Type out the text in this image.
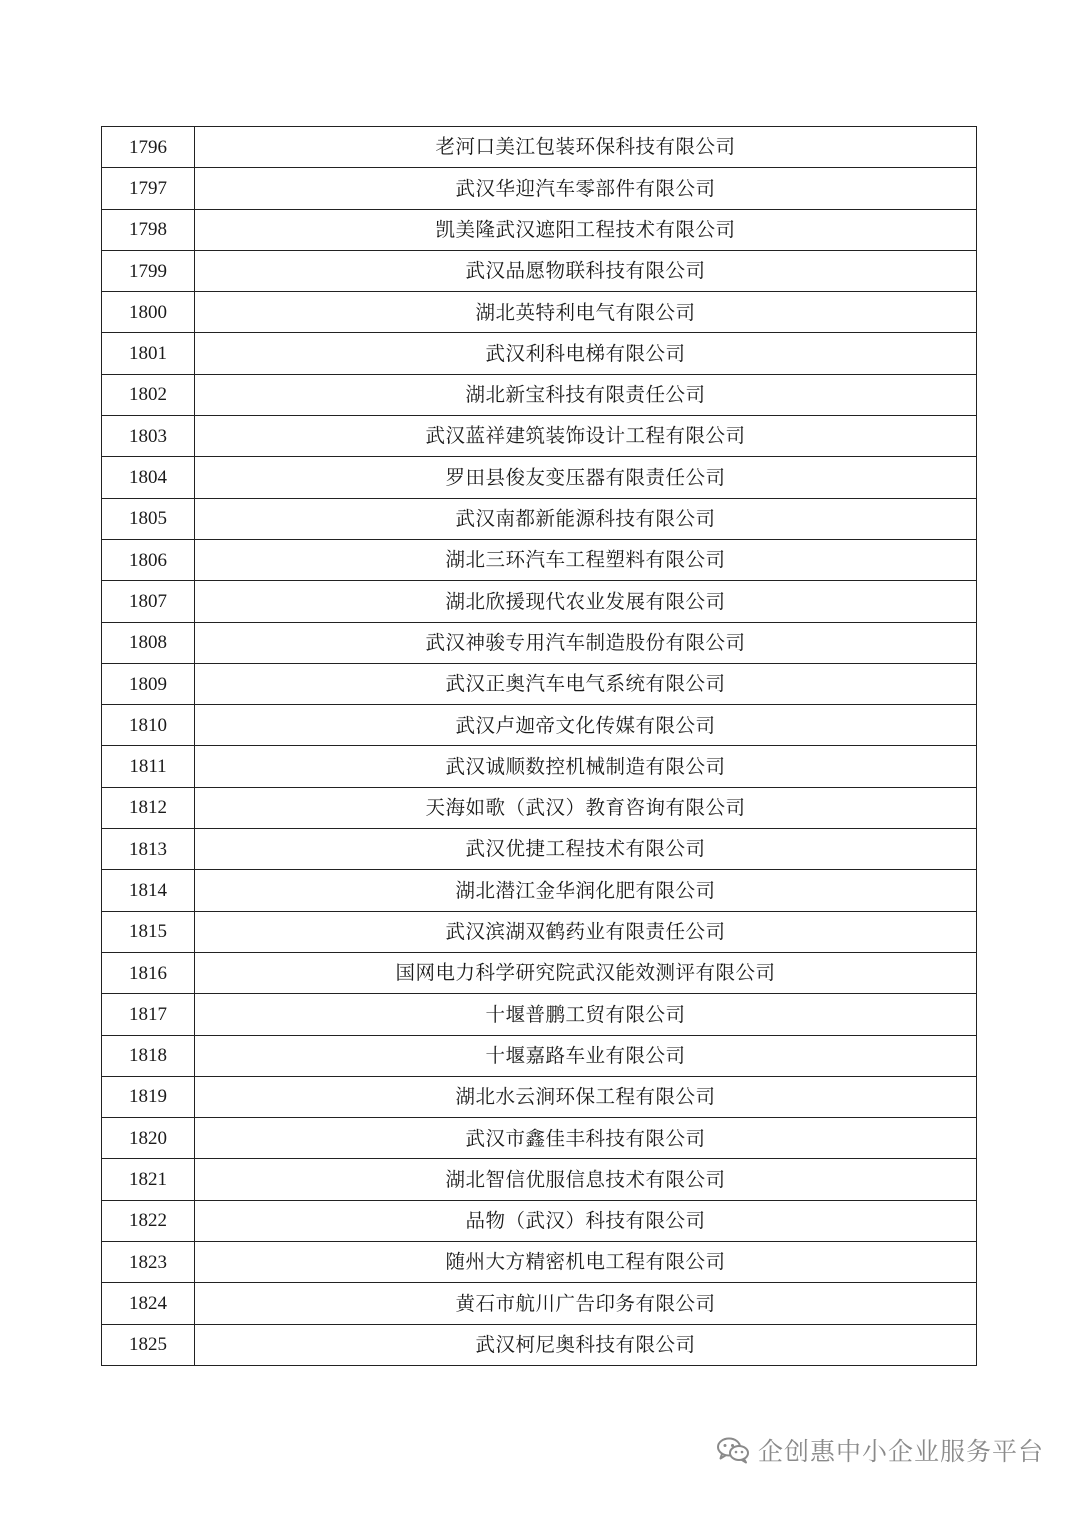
1796	老河口美江包装环保科技有限公司
1797	武汉华迎汽车零部件有限公司
1798	凯美隆武汉遮阳工程技术有限公司
1799	武汉品愿物联科技有限公司
1800	湖北英特利电气有限公司
1801	武汉利科电梯有限公司
1802	湖北新宝科技有限责任公司
1803	武汉蓝祥建筑装饰设计工程有限公司
1804	罗田县俊友变压器有限责任公司
1805	武汉南都新能源科技有限公司
1806	湖北三环汽车工程塑料有限公司
1807	湖北欣援现代农业发展有限公司
1808	武汉神骏专用汽车制造股份有限公司
1809	武汉正奥汽车电气系统有限公司
1810	武汉卢迦帝文化传媒有限公司
1811	武汉诚顺数控机械制造有限公司
1812	天海如歌（武汉）教育咨询有限公司
1813	武汉优捷工程技术有限公司
1814	湖北潜江金华润化肥有限公司
1815	武汉滨湖双鹤药业有限责任公司
1816	国网电力科学研究院武汉能效测评有限公司
1817	十堰普鹏工贸有限公司
1818	十堰嘉路车业有限公司
1819	湖北水云涧环保工程有限公司
1820	武汉市鑫佳丰科技有限公司
1821	湖北智信优服信息技术有限公司
1822	品物（武汉）科技有限公司
1823	随州大方精密机电工程有限公司
1824	黄石市航川广告印务有限公司
1825	武汉柯尼奥科技有限公司
企创惠中小企业服务平台
